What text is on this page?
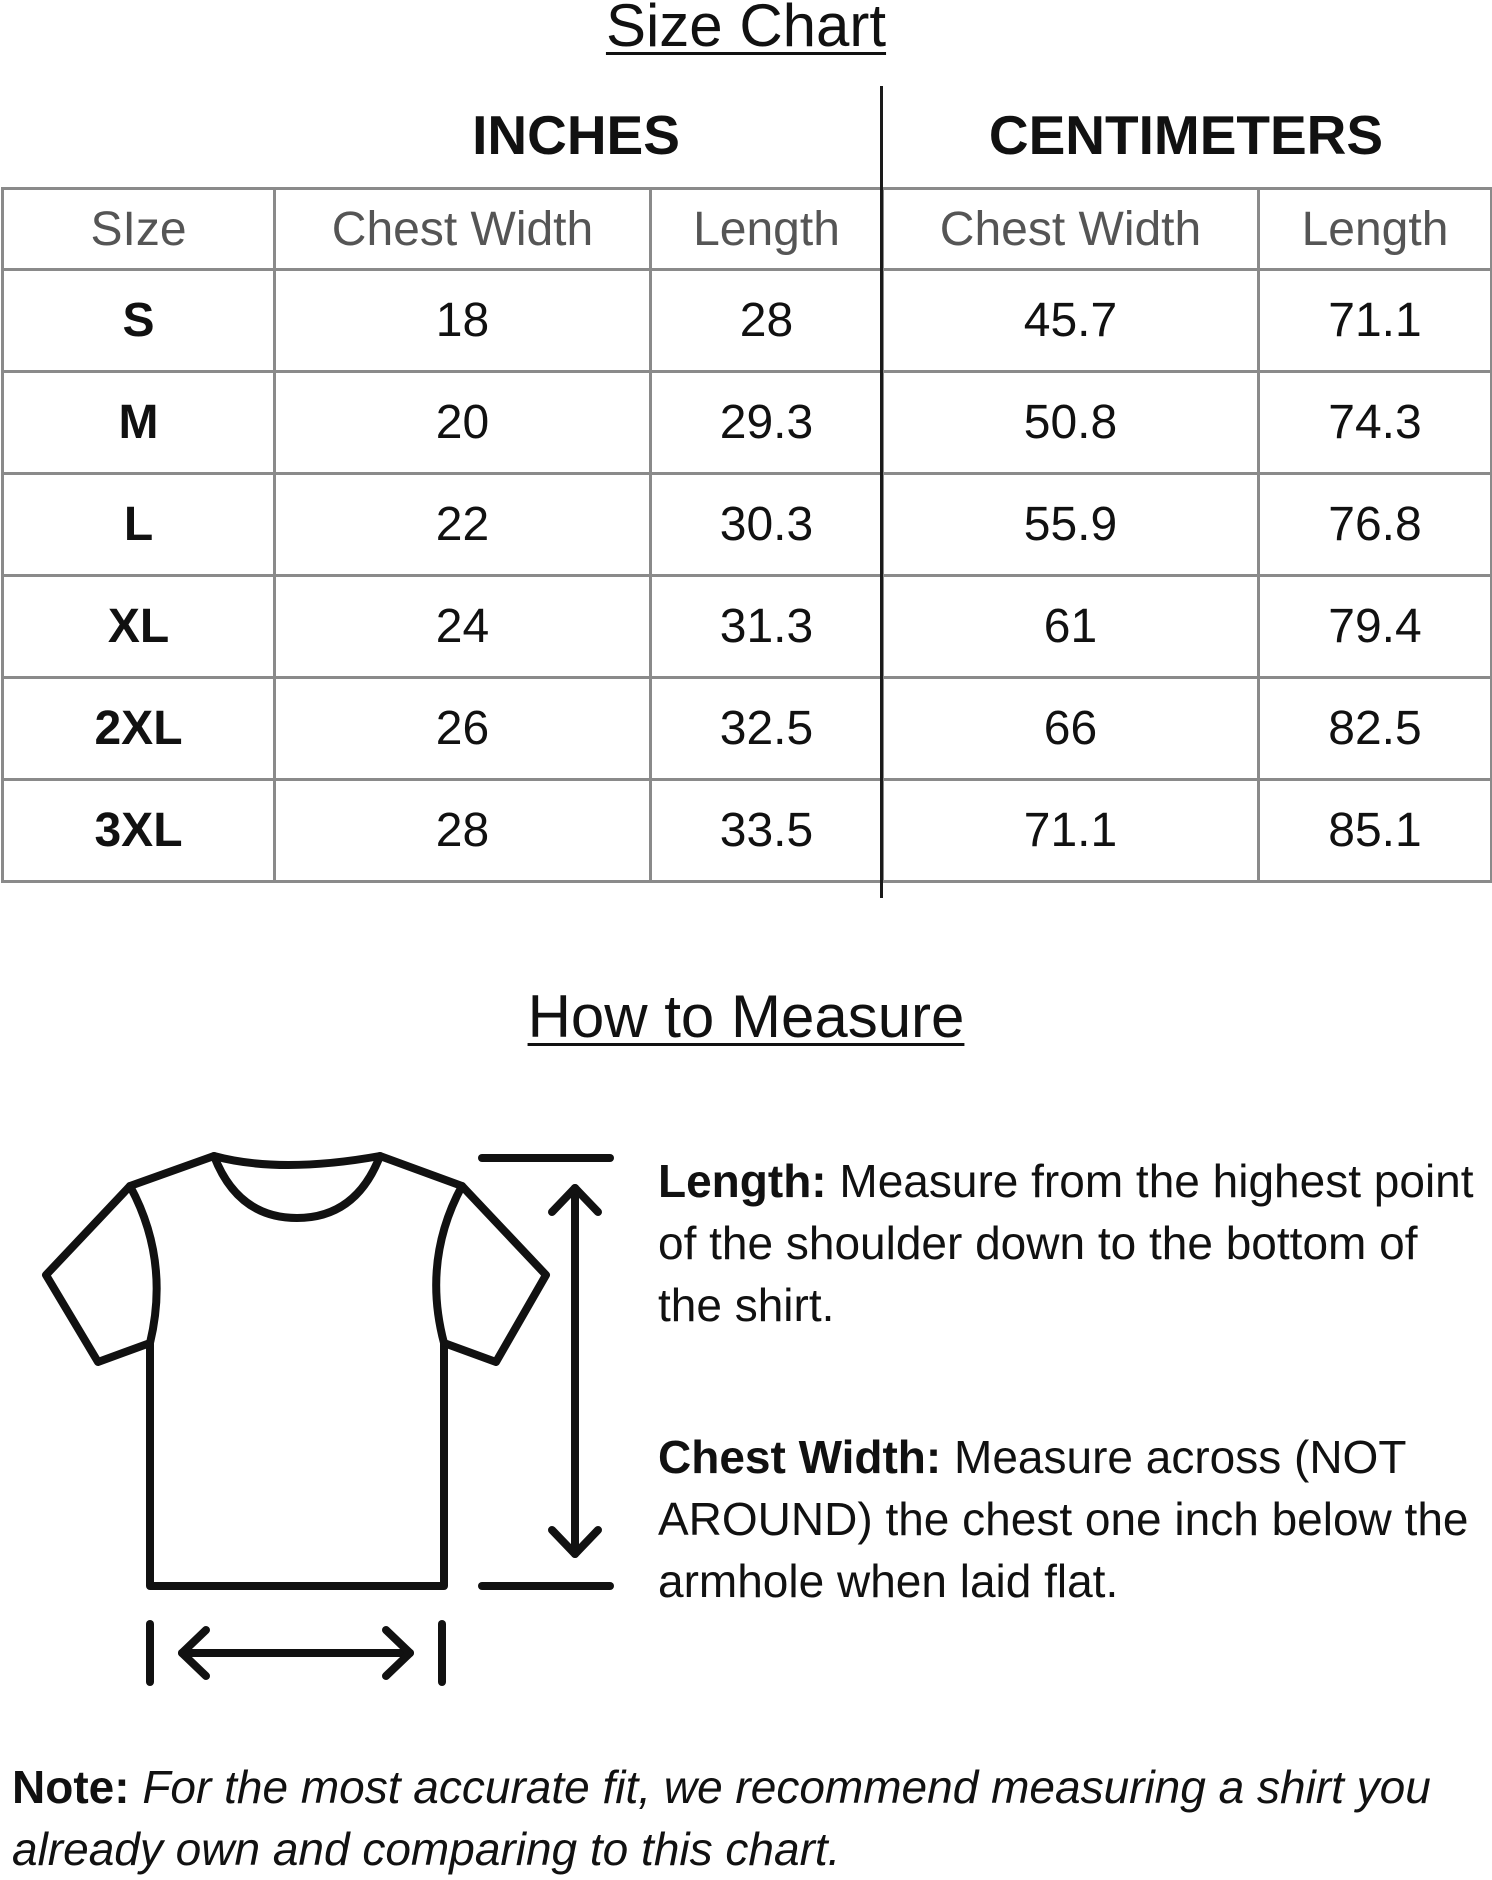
Size Chart
INCHES	CENTIMETERS
SIze	Chest Width	Length	Chest Width	Length
S	18	28	45.7	71.1
M	20	29.3	50.8	74.3
L	22	30.3	55.9	76.8
XL	24	31.3	61	79.4
2XL	26	32.5	66	82.5
3XL	28	33.5	71.1	85.1
How to Measure
Length: Measure from the highest point of the shoulder down to the bottom of the shirt.
Chest Width: Measure across (NOT AROUND) the chest one inch below the armhole when laid flat.
Note: For the most accurate fit, we recommend measuring a shirt you already own and comparing to this chart.
